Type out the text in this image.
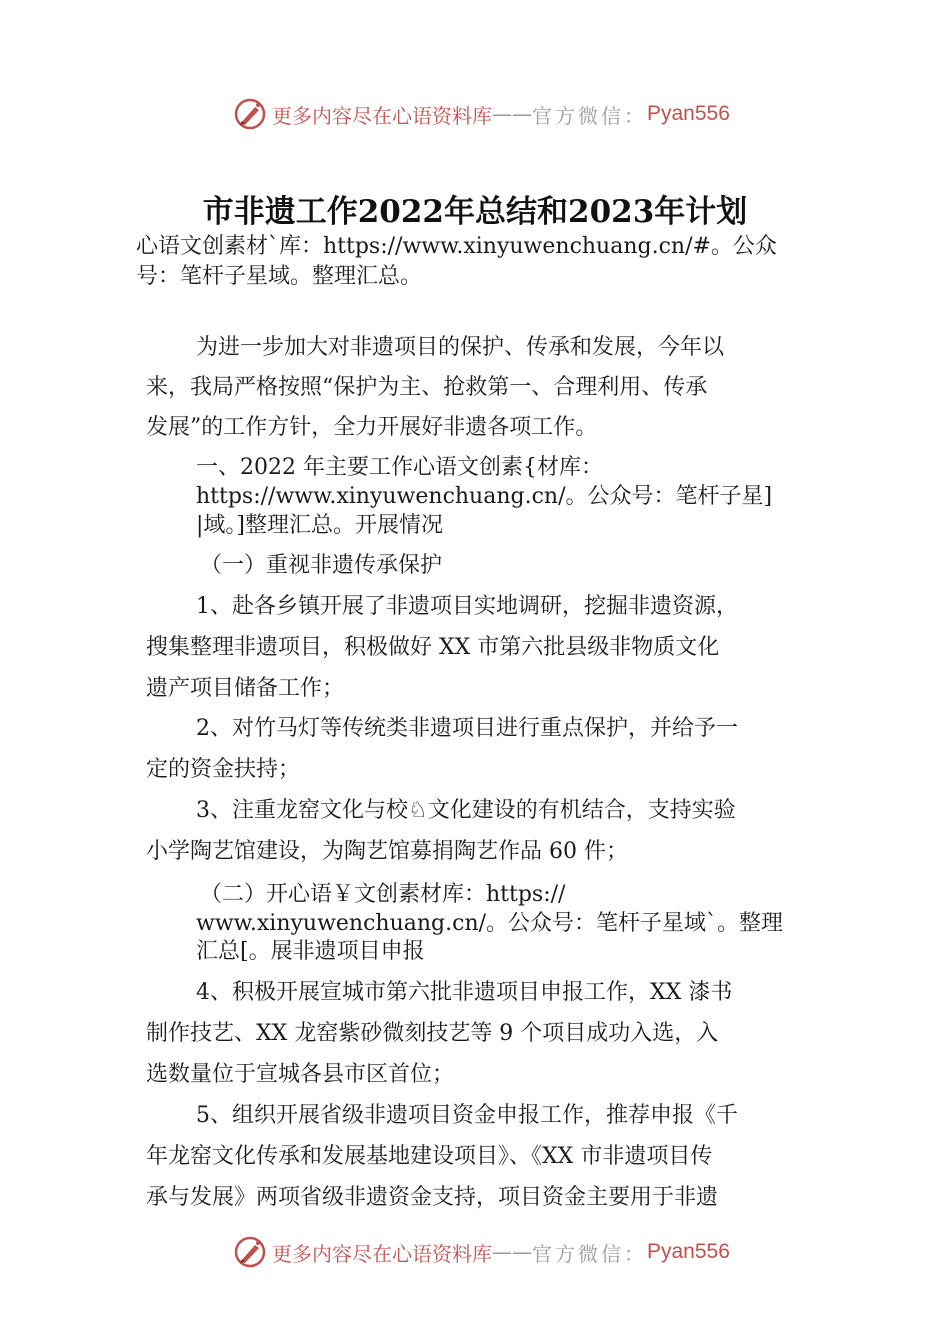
更多内容尽在心语资料库 —— 官方微信： Pyan556
市非遗工作2022年总结和2023年计划
心语文创素材`库：https://www.xinyuwenchuang.cn/#。公众
号：笔杆子星域。整理汇总。
为进一步加大对非遗项目的保护、传承和发展，今年以
来，我局严格按照“保护为主、抢救第一、合理利用、传承
发展”的工作方针，全力开展好非遗各项工作。
一、2022 年主要工作心语文创素{材库：
https://www.xinyuwenchuang.cn/。公众号：笔杆子星]
|域。]整理汇总。开展情况
（一）重视非遗传承保护
1、赴各乡镇开展了非遗项目实地调研，挖掘非遗资源，
搜集整理非遗项目，积极做好 XX 市第六批县级非物质文化
遗产项目储备工作；
2、对竹马灯等传统类非遗项目进行重点保护，并给予一
定的资金扶持；
3、注重龙窑文化与校♘文化建设的有机结合，支持实验
小学陶艺馆建设，为陶艺馆募捐陶艺作品 60 件；
（二）开心语￥文创素材库：https://
www.xinyuwenchuang.cn/。公众号：笔杆子星域`。整理
汇总[。展非遗项目申报
4、积极开展宣城市第六批非遗项目申报工作，XX 漆书
制作技艺、XX 龙窑紫砂微刻技艺等 9 个项目成功入选，入
选数量位于宣城各县市区首位；
5、组织开展省级非遗项目资金申报工作，推荐申报《千
年龙窑文化传承和发展基地建设项目》、《XX 市非遗项目传
承与发展》两项省级非遗资金支持，项目资金主要用于非遗
更多内容尽在心语资料库 —— 官方微信： Pyan556
